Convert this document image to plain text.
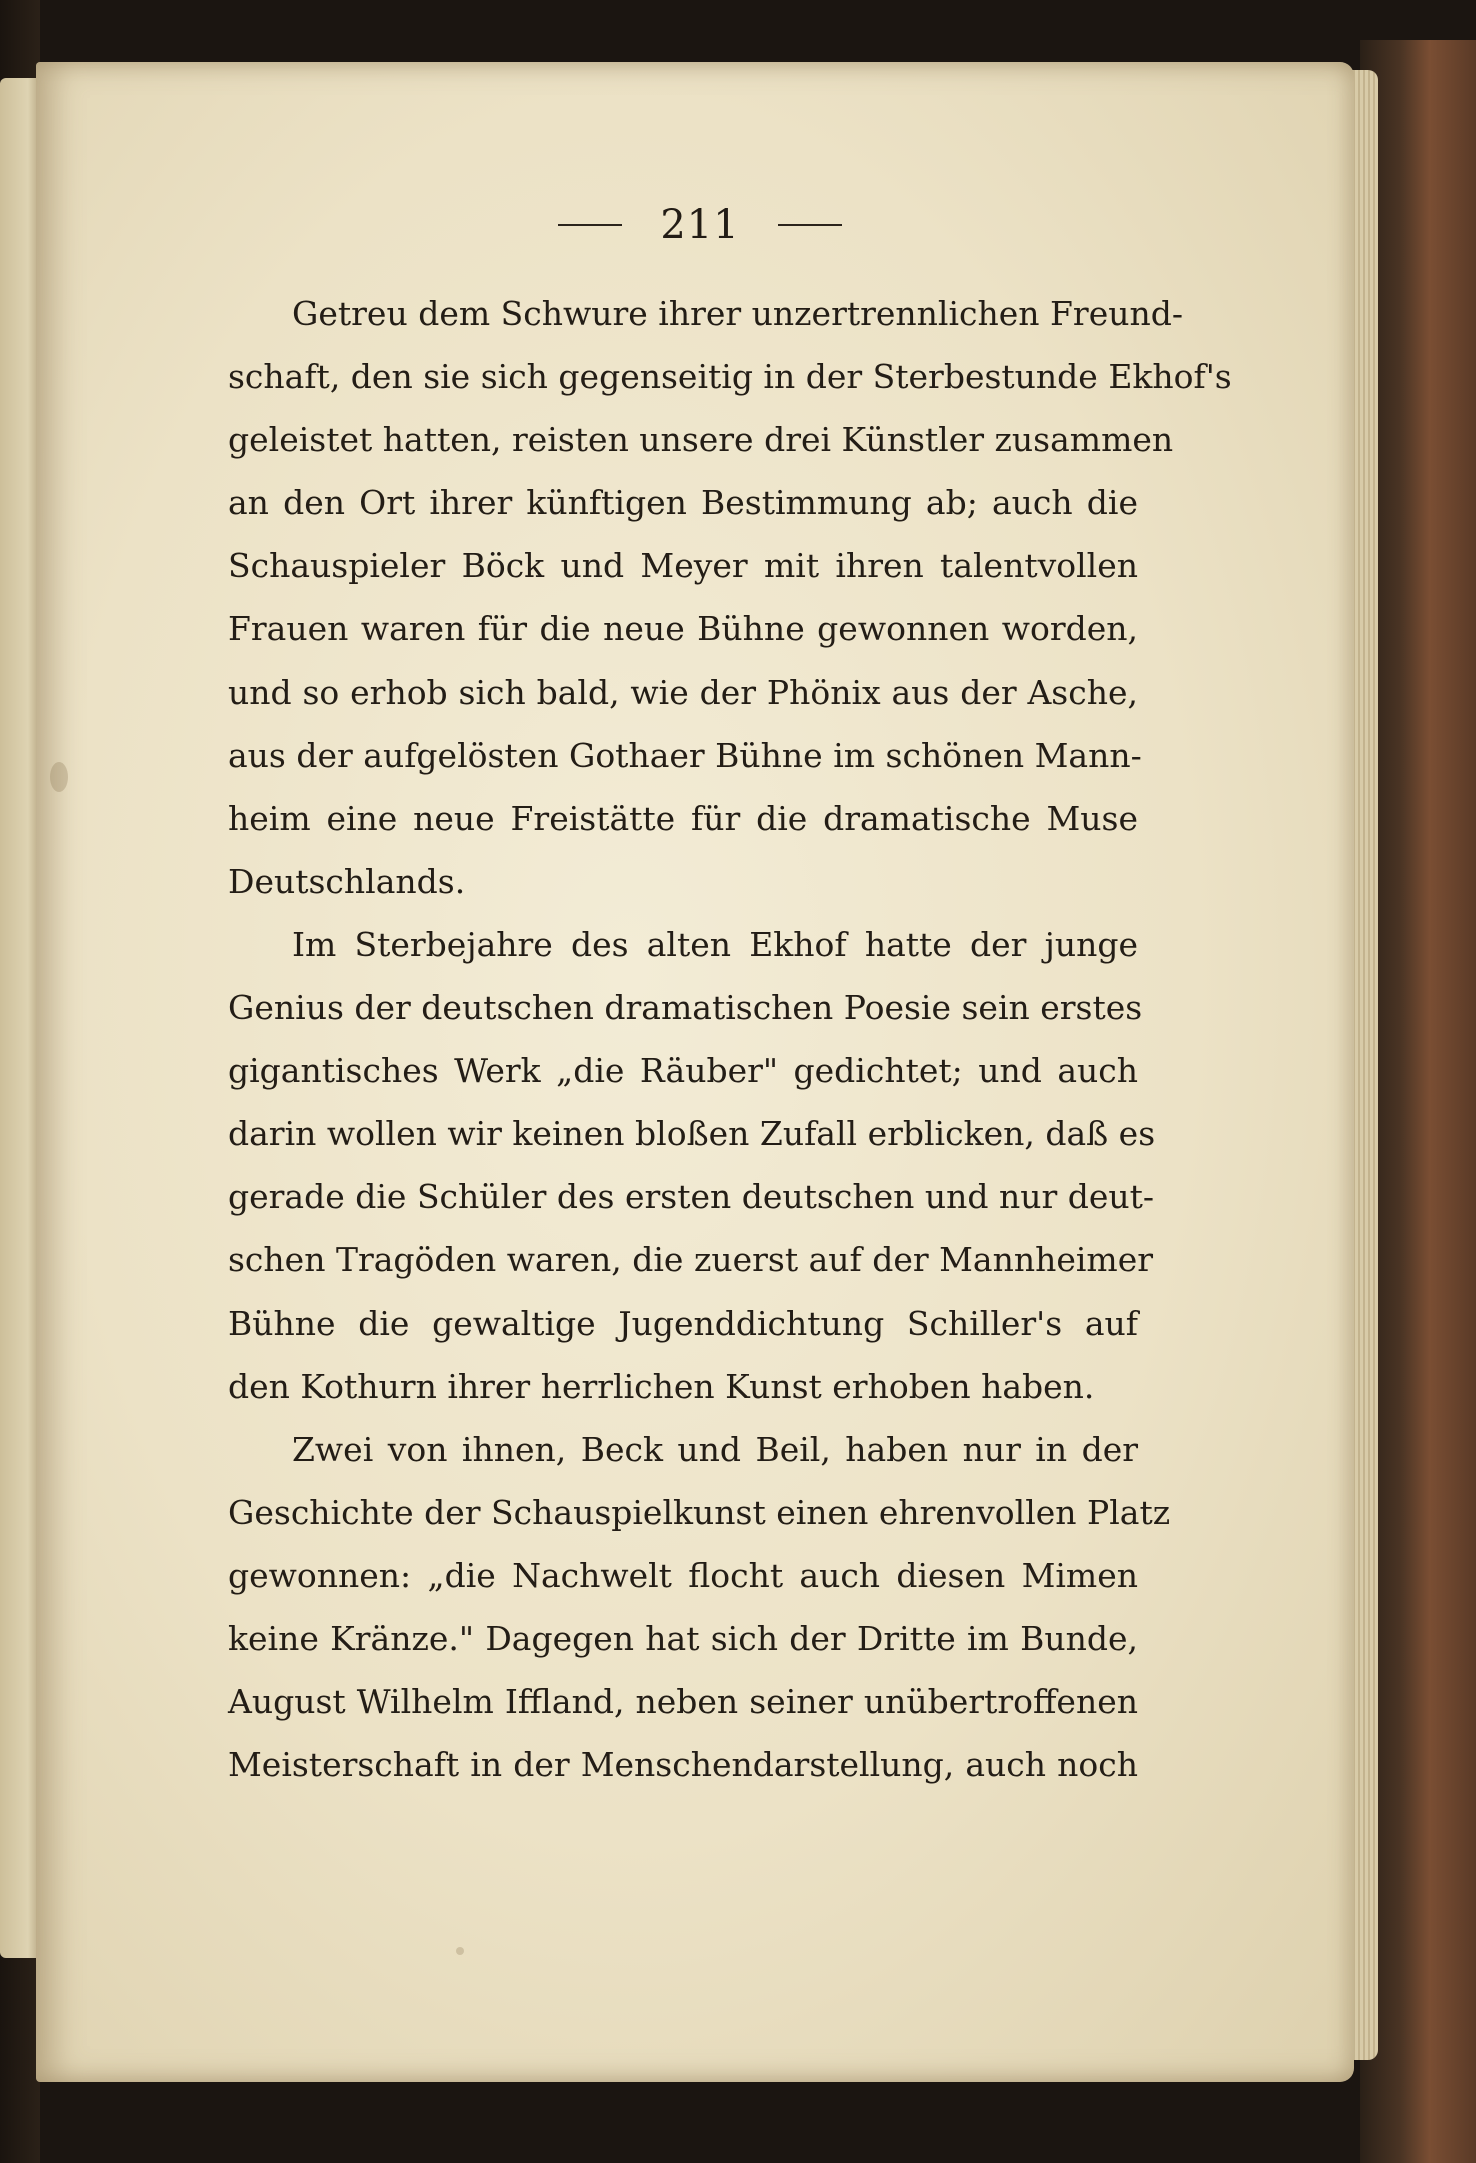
211
Getreu dem Schwure ihrer unzertrennlichen Freund-
schaft, den sie sich gegenseitig in der Sterbestunde Ekhof's
geleistet hatten, reisten unsere drei Künstler zusammen
an den Ort ihrer künftigen Bestimmung ab; auch die
Schauspieler Böck und Meyer mit ihren talentvollen
Frauen waren für die neue Bühne gewonnen worden,
und so erhob sich bald, wie der Phönix aus der Asche,
aus der aufgelösten Gothaer Bühne im schönen Mann-
heim eine neue Freistätte für die dramatische Muse
Deutschlands.
Im Sterbejahre des alten Ekhof hatte der junge
Genius der deutschen dramatischen Poesie sein erstes
gigantisches Werk „die Räuber" gedichtet; und auch
darin wollen wir keinen bloßen Zufall erblicken, daß es
gerade die Schüler des ersten deutschen und nur deut-
schen Tragöden waren, die zuerst auf der Mannheimer
Bühne die gewaltige Jugenddichtung Schiller's auf
den Kothurn ihrer herrlichen Kunst erhoben haben.
Zwei von ihnen, Beck und Beil, haben nur in der
Geschichte der Schauspielkunst einen ehrenvollen Platz
gewonnen: „die Nachwelt flocht auch diesen Mimen
keine Kränze." Dagegen hat sich der Dritte im Bunde,
August Wilhelm Iffland, neben seiner unübertroffenen
Meisterschaft in der Menschendarstellung, auch noch
